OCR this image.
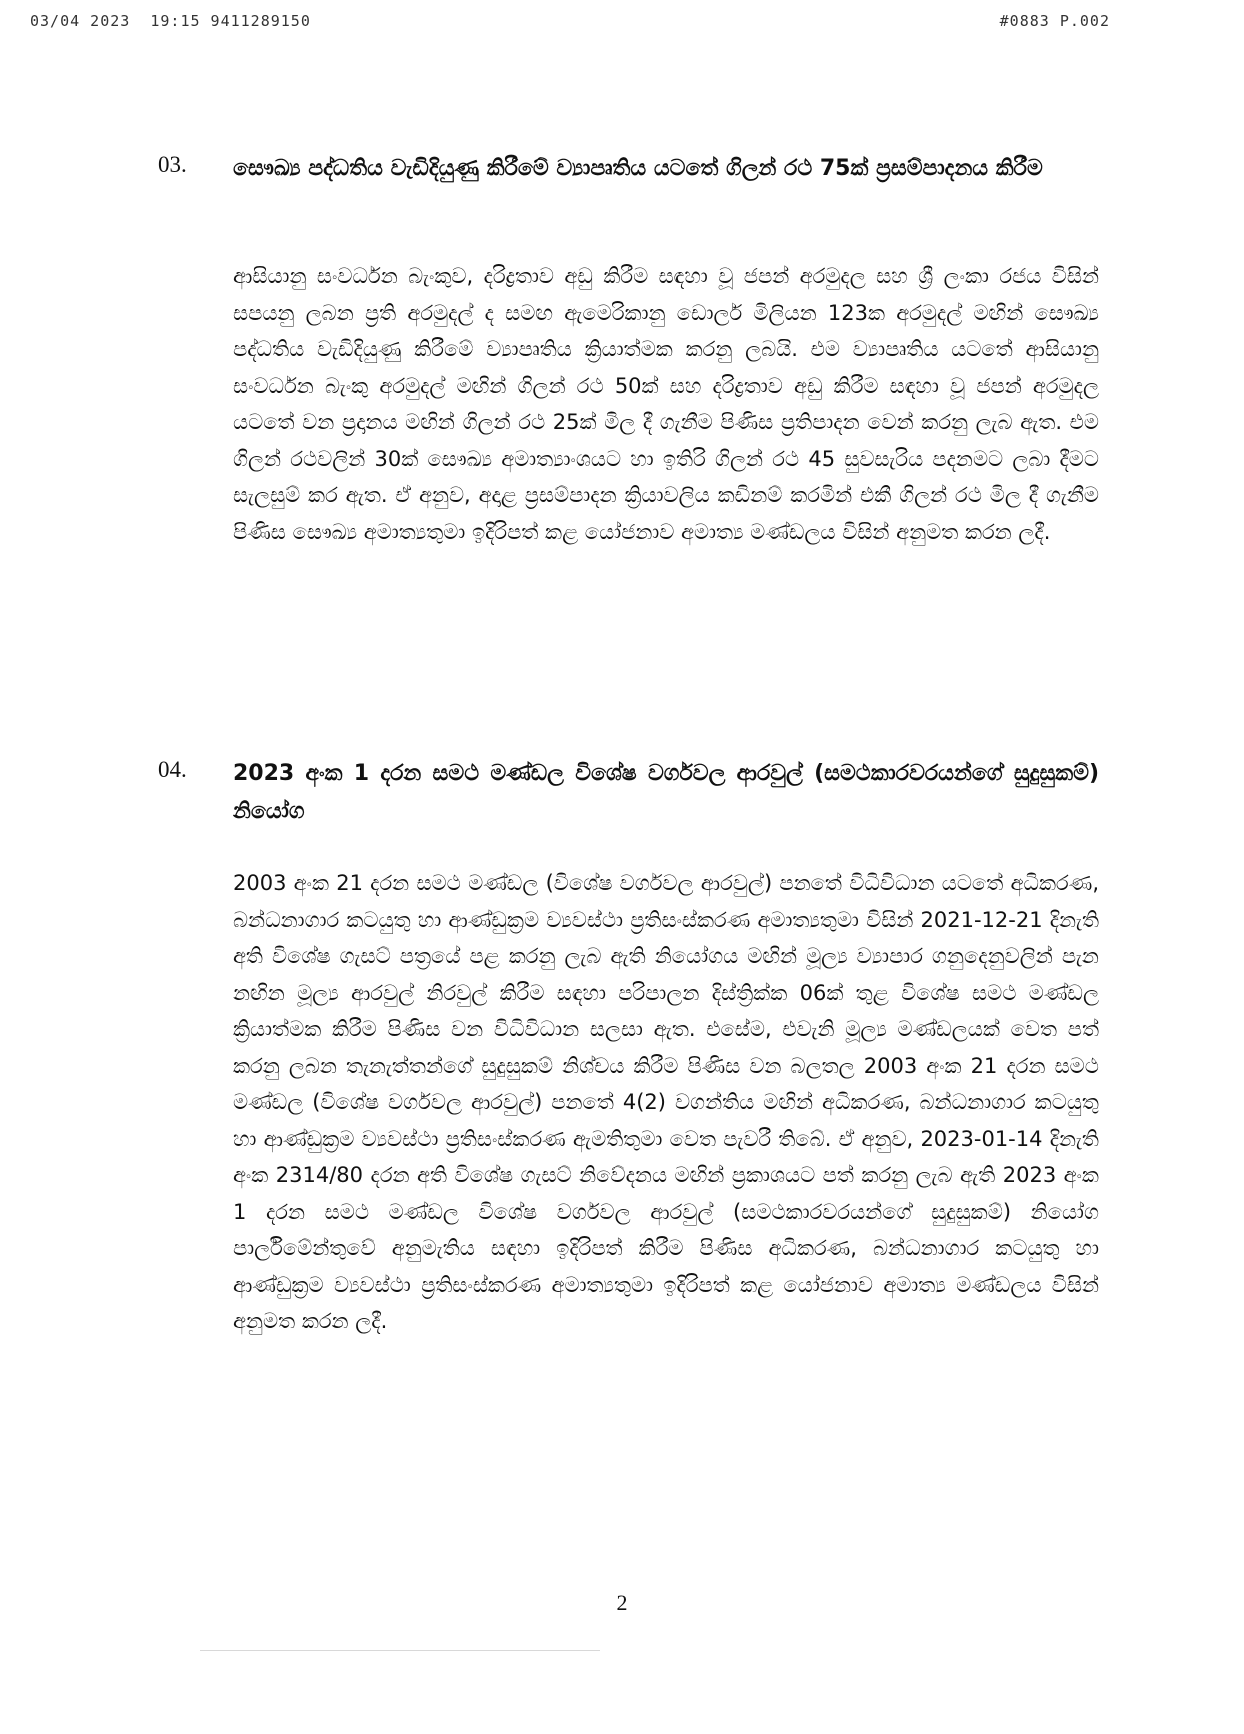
03/04 2023  19:15 9411289150	#0883 P.002
03. සෞඛ්‍ය පද්ධතිය වැඩිදියුණු කිරීමේ ව්‍යාපෘතිය යටතේ ගිලන් රථ 75ක් ප්‍රසම්පාදනය කිරීම
ආසියානු සංවර්ධන බැංකුව, දරිද්‍රතාව අඩු කිරීම සඳහා වූ ජපන් අරමුදල සහ ශ්‍රී ලංකා රජය විසින් සපයනු ලබන ප්‍රති අරමුදල් ද සමඟ ඇමෙරිකානු ඩොලර් මිලියන 123ක අරමුදල් මඟින් සෞඛ්‍ය පද්ධතිය වැඩිදියුණු කිරීමේ ව්‍යාපෘතිය ක්‍රියාත්මක කරනු ලබයි. එම ව්‍යාපෘතිය යටතේ ආසියානු සංවර්ධන බැංකු අරමුදල් මඟින් ගිලන් රථ 50ක් සහ දරිද්‍රතාව අඩු කිරීම සඳහා වූ ජපන් අරමුදල යටතේ වන ප්‍රදානය මඟින් ගිලන් රථ 25ක් මිල දී ගැනීම පිණිස ප්‍රතිපාදන වෙන් කරනු ලැබ ඇත. එම ගිලන් රථවලින් 30ක් සෞඛ්‍ය අමාත්‍යාංශයට හා ඉතිරි ගිලන් රථ 45 සුවසැරිය පදනමට ලබා දීමට සැලසුම් කර ඇත. ඒ අනුව, අදාළ ප්‍රසම්පාදන ක්‍රියාවලිය කඩිනම් කරමින් එකී ගිලන් රථ මිල දී ගැනීම පිණිස සෞඛ්‍ය අමාත්‍යතුමා ඉදිරිපත් කළ යෝජනාව අමාත්‍ය මණ්ඩලය විසින් අනුමත කරන ලදී.
04. 2023 අංක 1 දරන සමථ මණ්ඩල විශේෂ වර්ගවල ආරවුල් (සමථකාරවරයන්ගේ සුදුසුකම්) නියෝග
2003 අංක 21 දරන සමථ මණ්ඩල (විශේෂ වර්ගවල ආරවුල්) පනතේ විධිවිධාන යටතේ අධිකරණ, බන්ධනාගාර කටයුතු හා ආණ්ඩුක්‍රම ව්‍යවස්ථා ප්‍රතිසංස්කරණ අමාත්‍යතුමා විසින් 2021-12-21 දිනැති අති විශේෂ ගැසට් පත්‍රයේ පළ කරනු ලැබ ඇති නියෝගය මඟින් මූල්‍ය ව්‍යාපාර ගනුදෙනුවලින් පැන නඟින මූල්‍ය ආරවුල් නිරවුල් කිරීම සඳහා පරිපාලන දිස්ත්‍රික්ක 06ක් තුළ විශේෂ සමථ මණ්ඩල ක්‍රියාත්මක කිරීම පිණිස වන විධිවිධාන සලසා ඇත. එසේම, එවැනි මූල්‍ය මණ්ඩලයක් වෙත පත් කරනු ලබන තැනැත්තන්ගේ සුදුසුකම් නිශ්චය කිරීම පිණිස වන බලතල 2003 අංක 21 දරන සමථ මණ්ඩල (විශේෂ වර්ගවල ආරවුල්) පනතේ 4(2) වගන්තිය මඟින් අධිකරණ, බන්ධනාගාර කටයුතු හා ආණ්ඩුක්‍රම ව්‍යවස්ථා ප්‍රතිසංස්කරණ ඇමතිතුමා වෙත පැවරී තිබේ. ඒ අනුව, 2023-01-14 දිනැති අංක 2314/80 දරන අති විශේෂ ගැසට් නිවේදනය මඟින් ප්‍රකාශයට පත් කරනු ලැබ ඇති 2023 අංක 1 දරන සමථ මණ්ඩල විශේෂ වර්ගවල ආරවුල් (සමථකාරවරයන්ගේ සුදුසුකම්) නියෝග පාර්ලිමේන්තුවේ අනුමැතිය සඳහා ඉදිරිපත් කිරීම පිණිස අධිකරණ, බන්ධනාගාර කටයුතු හා ආණ්ඩුක්‍රම ව්‍යවස්ථා ප්‍රතිසංස්කරණ අමාත්‍යතුමා ඉදිරිපත් කළ යෝජනාව අමාත්‍ය මණ්ඩලය විසින් අනුමත කරන ලදී.
2
